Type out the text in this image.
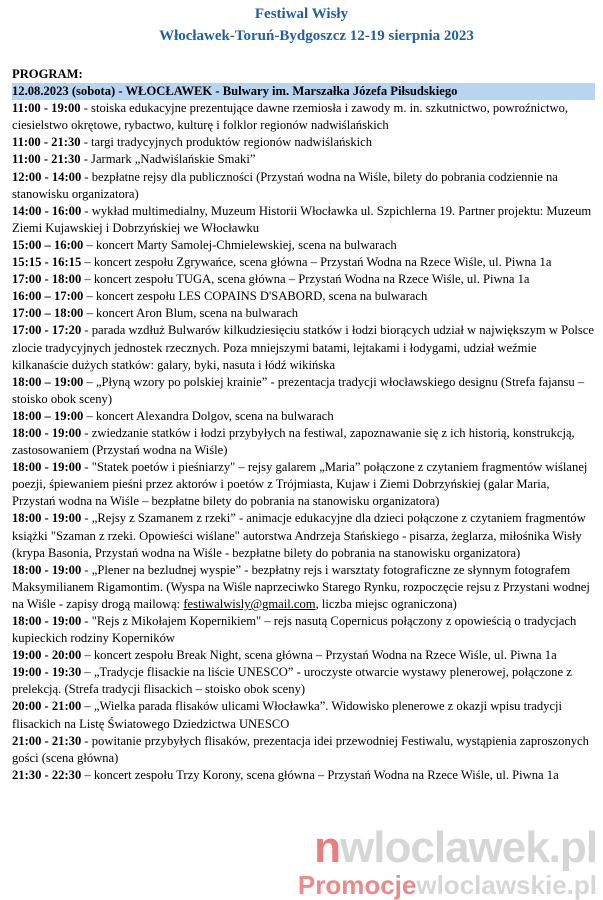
Festiwal Wisły
Włocławek-Toruń-Bydgoszcz 12-19 sierpnia 2023
PROGRAM:
12.08.2023 (sobota) - WŁOCŁAWEK - Bulwary im. Marszałka Józefa Piłsudskiego
11:00 - 19:00 - stoiska edukacyjne prezentujące dawne rzemiosła i zawody m. in. szkutnictwo, powroźnictwo, ciesielstwo okrętowe, rybactwo, kulturę i folklor regionów nadwiślańskich
11:00 - 21:30 - targi tradycyjnych produktów regionów nadwiślańskich
11:00 - 21:30 - Jarmark „Nadwiślańskie Smaki”
12:00 - 14:00 - bezpłatne rejsy dla publiczności (Przystań wodna na Wiśle, bilety do pobrania codziennie na stanowisku organizatora)
14:00 - 16:00 - wykład multimedialny, Muzeum Historii Włocławka ul. Szpichlerna 19. Partner projektu: Muzeum Ziemi Kujawskiej i Dobrzyńskiej we Włocławku
15:00 – 16:00 – koncert Marty Samolej-Chmielewskiej, scena na bulwarach
15:15 - 16:15 – koncert zespołu Zgrywańce, scena główna – Przystań Wodna na Rzece Wiśle, ul. Piwna 1a
17:00 - 18:00 – koncert zespołu TUGA, scena główna – Przystań Wodna na Rzece Wiśle, ul. Piwna 1a
16:00 – 17:00 – koncert zespołu LES COPAINS D'SABORD, scena na bulwarach
17:00 – 18:00 – koncert Aron Blum, scena na bulwarach
17:00 - 17:20 - parada wzdłuż Bulwarów kilkudziesięciu statków i łodzi biorących udział w największym w Polsce zlocie tradycyjnych jednostek rzecznych. Poza mniejszymi batami, lejtakami i łodygami, udział weźmie kilkanaście dużych statków: galary, byki, nasuta i łódź wikińska
18:00 – 19:00 – „Płyną wzory po polskiej krainie” - prezentacja tradycji włocławskiego designu (Strefa fajansu – stoisko obok sceny)
18:00 – 19:00 – koncert Alexandra Dolgov, scena na bulwarach
18:00 - 19:00 - zwiedzanie statków i łodzi przybyłych na festiwal, zapoznawanie się z ich historią, konstrukcją, zastosowaniem (Przystań wodna na Wiśle)
18:00 - 19:00 - "Statek poetów i pieśniarzy" – rejsy galarem „Maria” połączone z czytaniem fragmentów wiślanej poezji, śpiewaniem pieśni przez aktorów i poetów z Trójmiasta, Kujaw i Ziemi Dobrzyńskiej (galar Maria, Przystań wodna na Wiśle – bezpłatne bilety do pobrania na stanowisku organizatora)
18:00 - 19:00 - „Rejsy z Szamanem z rzeki” - animacje edukacyjne dla dzieci połączone z czytaniem fragmentów książki "Szaman z rzeki. Opowieści wiślane" autorstwa Andrzeja Stańskiego - pisarza, żeglarza, miłośnika Wisły (krypa Basonia, Przystań wodna na Wiśle - bezpłatne bilety do pobrania na stanowisku organizatora)
18:00 - 19:00 - „Plener na bezludnej wyspie” - bezpłatny rejs i warsztaty fotograficzne ze słynnym fotografem Maksymilianem Rigamontim. (Wyspa na Wiśle naprzeciwko Starego Rynku, rozpoczęcie rejsu z Przystani wodnej na Wiśle - zapisy drogą mailową: festiwalwisly@gmail.com, liczba miejsc ograniczona)
18:00 - 19:00 - "Rejs z Mikołajem Kopernikiem" – rejs nasutą Copernicus połączony z opowieścią o tradycjach kupieckich rodziny Koperników
19:00 - 20:00 – koncert zespołu Break Night, scena główna – Przystań Wodna na Rzece Wiśle, ul. Piwna 1a
19:00 - 19:30 – „Tradycje flisackie na liście UNESCO” - uroczyste otwarcie wystawy plenerowej, połączone z prelekcją. (Strefa tradycji flisackich – stoisko obok sceny)
20:00 - 21:00 – „Wielka parada flisaków ulicami Włocławka”. Widowisko plenerowe z okazji wpisu tradycji flisackich na Listę Światowego Dziedzictwa UNESCO
21:00 - 21:30 - powitanie przybyłych flisaków, prezentacja idei przewodniej Festiwalu, wystąpienia zaproszonych gości (scena główna)
21:30 - 22:30 – koncert zespołu Trzy Korony, scena główna – Przystań Wodna na Rzece Wiśle, ul. Piwna 1a
nwloclawek.pl
Promocjewloclawskie.pl
